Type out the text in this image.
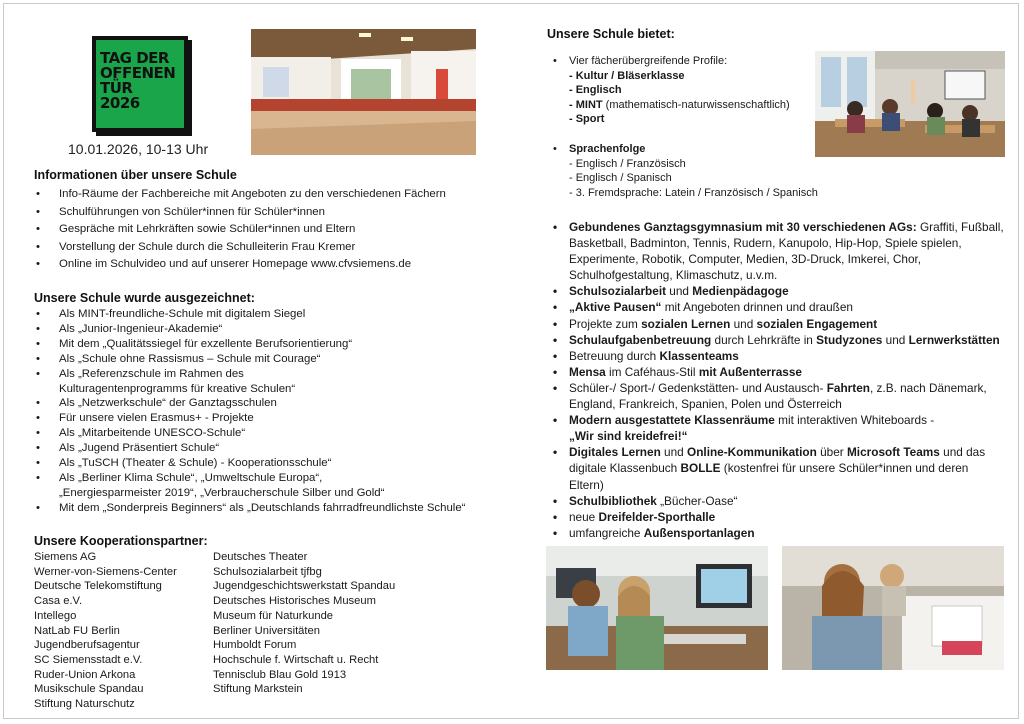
TAG DER
OFFENEN
TÜR
2026
10.01.2026, 10-13 Uhr
Informationen über unsere Schule
• Info-Räume der Fachbereiche mit Angeboten zu den verschiedenen Fächern
• Schulführungen von Schüler*innen für Schüler*innen
• Gespräche mit Lehrkräften sowie Schüler*innen und Eltern
• Vorstellung der Schule durch die Schulleiterin Frau Kremer
• Online im Schulvideo und auf unserer Homepage www.cfvsiemens.de
Unsere Schule wurde ausgezeichnet:
• Als MINT-freundliche-Schule mit digitalem Siegel
• Als „Junior-Ingenieur-Akademie“
• Mit dem „Qualitätssiegel für exzellente Berufsorientierung“
• Als „Schule ohne Rassismus – Schule mit Courage“
• Als „Referenzschule im Rahmen des
Kulturagentenprogramms für kreative Schulen“
• Als „Netzwerkschule“ der Ganztagsschulen
• Für unsere vielen Erasmus+ - Projekte
• Als „Mitarbeitende UNESCO-Schule“
• Als „Jugend Präsentiert Schule“
• Als „TuSCH (Theater & Schule) - Kooperationsschule“
• Als „Berliner Klima Schule“, „Umweltschule Europa“,
„Energiesparmeister 2019“, „Verbraucherschule Silber und Gold“
• Mit dem „Sonderpreis Beginners“ als „Deutschlands fahrradfreundlichste Schule“
Unsere Kooperationspartner:
Siemens AG
Werner-von-Siemens-Center
Deutsche Telekomstiftung
Casa e.V.
Intellego
NatLab FU Berlin
Jugendberufsagentur
SC Siemensstadt e.V.
Ruder-Union Arkona
Musikschule Spandau
Stiftung Naturschutz
Deutsches Theater
Schulsozialarbeit tjfbg
Jugendgeschichtswerkstatt Spandau
Deutsches Historisches Museum
Museum für Naturkunde
Berliner Universitäten
Humboldt Forum
Hochschule f. Wirtschaft u. Recht
Tennisclub Blau Gold 1913
Stiftung Markstein
Unsere Schule bietet:
• Vier fächerübergreifende Profile:
- Kultur / Bläserklasse
- Englisch
- MINT (mathematisch-naturwissenschaftlich)
- Sport
• Sprachenfolge
- Englisch / Französisch
- Englisch / Spanisch
- 3. Fremdsprache: Latein / Französisch / Spanisch
• Gebundenes Ganztagsgymnasium mit 30 verschiedenen AGs: Graffiti, Fußball, Basketball, Badminton, Tennis, Rudern, Kanupolo, Hip-Hop, Spiele spielen, Experimente, Robotik, Computer, Medien, 3D-Druck, Imkerei, Chor, Schulhofgestaltung, Klimaschutz, u.v.m.
• Schulsozialarbeit und Medienpädagoge
• „Aktive Pausen“ mit Angeboten drinnen und draußen
• Projekte zum sozialen Lernen und sozialen Engagement
• Schulaufgabenbetreuung durch Lehrkräfte in Studyzones und Lernwerkstätten
• Betreuung durch Klassenteams
• Mensa im Caféhaus-Stil mit Außenterrasse
• Schüler-/ Sport-/ Gedenkstätten- und Austausch- Fahrten, z.B. nach Dänemark, England, Frankreich, Spanien, Polen und Österreich
• Modern ausgestattete Klassenräume mit interaktiven Whiteboards -
„Wir sind kreidefrei!“
• Digitales Lernen und Online-Kommunikation über Microsoft Teams und das digitale Klassenbuch BOLLE (kostenfrei für unsere Schüler*innen und deren Eltern)
• Schulbibliothek „Bücher-Oase“
• neue Dreifelder-Sporthalle
• umfangreiche Außensportanlagen
